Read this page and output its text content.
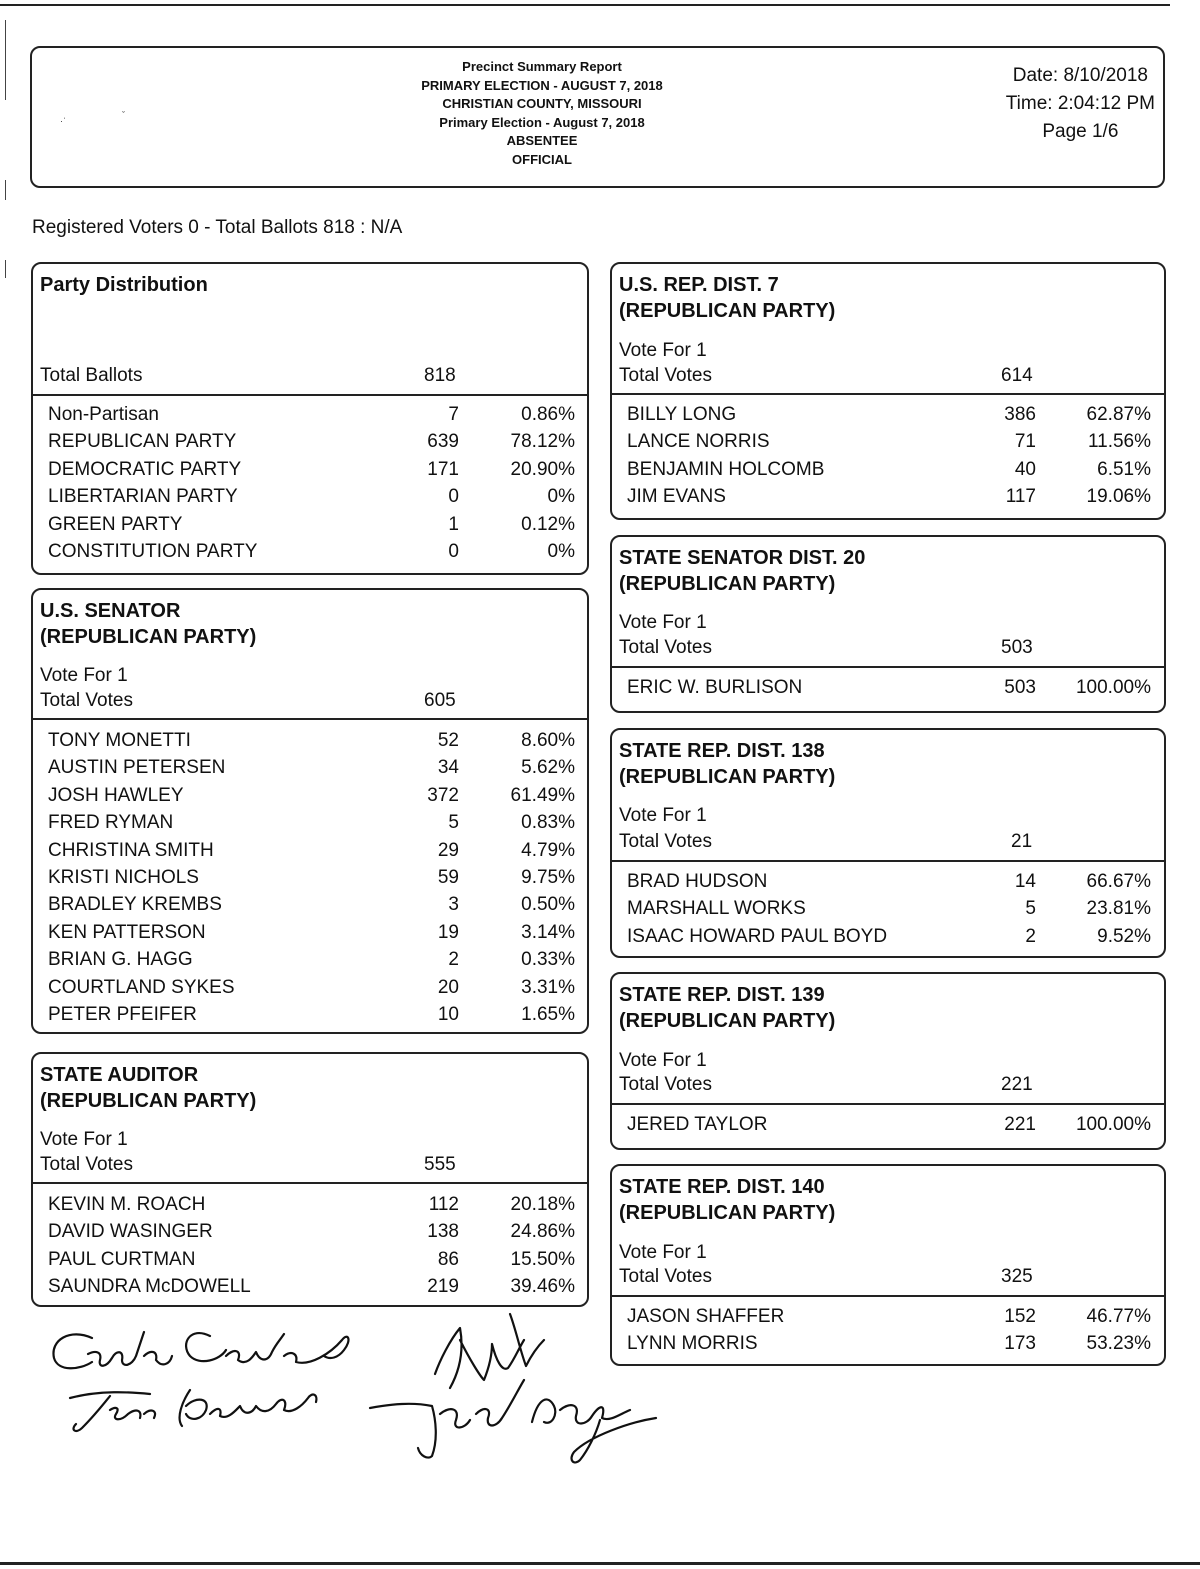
Precinct Summary Report
PRIMARY ELECTION - AUGUST 7, 2018
CHRISTIAN COUNTY, MISSOURI
Primary Election - August 7, 2018
ABSENTEE
OFFICIAL
Date: 8/10/2018
Time: 2:04:12 PM
Page 1/6
·ˈ
ˇ
Registered Voters 0 - Total Ballots 818 : N/A
Party Distribution
Total Ballots	818
Non-Partisan	7	0.86%
REPUBLICAN PARTY	639	78.12%
DEMOCRATIC PARTY	171	20.90%
LIBERTARIAN PARTY	0	0%
GREEN PARTY	1	0.12%
CONSTITUTION PARTY	0	0%
U.S. SENATOR
(REPUBLICAN PARTY)
Vote For 1
Total Votes	605
TONY MONETTI	52	8.60%
AUSTIN PETERSEN	34	5.62%
JOSH HAWLEY	372	61.49%
FRED RYMAN	5	0.83%
CHRISTINA SMITH	29	4.79%
KRISTI NICHOLS	59	9.75%
BRADLEY KREMBS	3	0.50%
KEN PATTERSON	19	3.14%
BRIAN G. HAGG	2	0.33%
COURTLAND SYKES	20	3.31%
PETER PFEIFER	10	1.65%
STATE AUDITOR
(REPUBLICAN PARTY)
Vote For 1
Total Votes	555
KEVIN M. ROACH	112	20.18%
DAVID WASINGER	138	24.86%
PAUL CURTMAN	86	15.50%
SAUNDRA McDOWELL	219	39.46%
U.S. REP. DIST. 7
(REPUBLICAN PARTY)
Vote For 1
Total Votes	614
BILLY LONG	386	62.87%
LANCE NORRIS	71	11.56%
BENJAMIN HOLCOMB	40	6.51%
JIM EVANS	117	19.06%
STATE SENATOR DIST. 20
(REPUBLICAN PARTY)
Vote For 1
Total Votes	503
ERIC W. BURLISON	503	100.00%
STATE REP. DIST. 138
(REPUBLICAN PARTY)
Vote For 1
Total Votes	21
BRAD HUDSON	14	66.67%
MARSHALL WORKS	5	23.81%
ISAAC HOWARD PAUL BOYD	2	9.52%
STATE REP. DIST. 139
(REPUBLICAN PARTY)
Vote For 1
Total Votes	221
JERED TAYLOR	221	100.00%
STATE REP. DIST. 140
(REPUBLICAN PARTY)
Vote For 1
Total Votes	325
JASON SHAFFER	152	46.77%
LYNN MORRIS	173	53.23%
